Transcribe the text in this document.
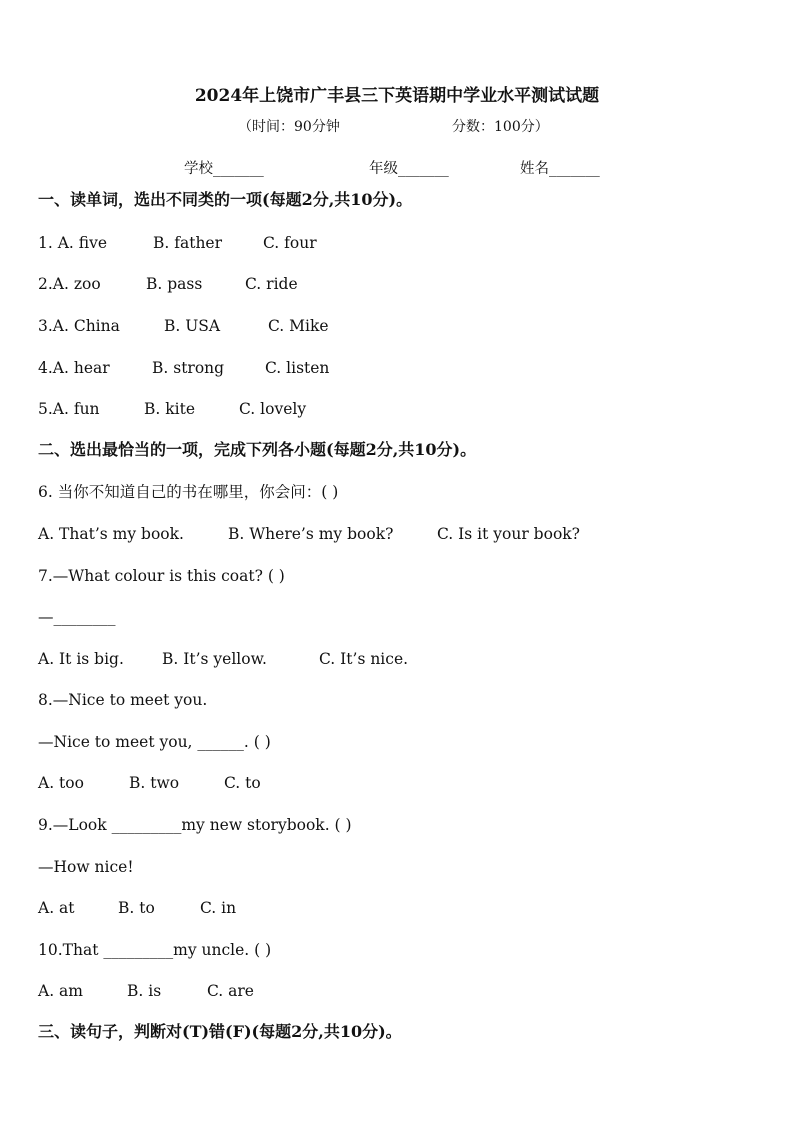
2024年上饶市广丰县三下英语期中学业水平测试试题
（时间：90分钟	分数：100分）
学校_______	年级_______	姓名_______
一、读单词，选出不同类的一项(每题2分,共10分)。
1. A. five	B. father	C. four
2.A. zoo	B. pass	C. ride
3.A. China	B. USA	C. Mike
4.A. hear	B. strong	C. listen
5.A. fun	B. kite	C. lovely
二、选出最恰当的一项，完成下列各小题(每题2分,共10分)。
6. 当你不知道自己的书在哪里，你会问：( )
A. That’s my book.	B. Where’s my book?	C. Is it your book?
7.—What colour is this coat? ( )
—________
A. It is big. B. It’s yellow.	C. It’s nice.
8.—Nice to meet you.
—Nice to meet you, ______. ( )
A. too	B. two	C. to
9.—Look _________my new storybook. ( )
—How nice!
A. at	B. to	C. in
10.That _________my uncle. ( )
A. am	B. is	C. are
三、读句子，判断对(T)错(F)(每题2分,共10分)。
